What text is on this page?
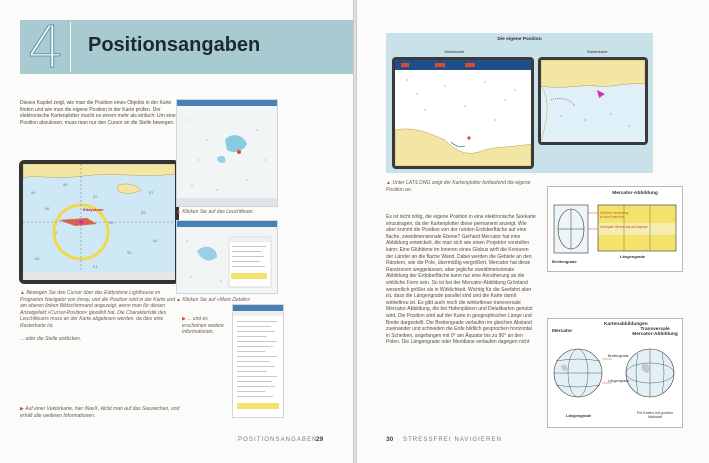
4	Positionsangaben
Dieses Kapitel zeigt, wie man die Position eines Objekts in der Karte finden und wie man die eigene Position in der Karte prüfen. Der elektronische Kartenplotter macht es einem mehr als einfach: Um eine Position abzulesen, muss man nur den Cursor an die Stelle bewegen.
54
56
59
58
52
64
66
61
55
62
57
60
Eddystone
▲ Bewegen Sie den Cursor über das Eddystone Lighthouse im Programm Navigator von Imray, und die Position wird in der Karte und am oberen linken Bildschirmrand angezeigt, wenn man für diesen Anzeigefeld »Cursor-Position« gewählt hat. Die Charakteristik des Leuchtfeuers muss an der Karte abgelesen werden, da dies eine Rasterkarte ist.
... oder die Stelle anklicken.
▶ Auf einer Vektorkarte, hier iNavX, klickt man auf das Seezeichen, und erhält alle weiteren Informationen.
▲ Klicken Sie auf das Leuchtfeuer.
▲ Klicken Sie auf »More Details«
▶ ... und es erscheinen weitere Informationen.
POSITIONSANGABEN
29
Die eigene Position
Vektorkarte	Rasterkarte
▲ Unter LAT/LONG zeigt der Kartenplotter fortlaufend die eigene Position an.
Es ist nicht nötig, die eigene Position in eine elektronische Seekarte einzutragen, da der Kartenplotter diese permanent anzeigt. Wie aber kommt die Position von der runden Erdoberfläche auf eine flache, zweidimensionale Ebene? Gerhard Mercator hat eine Abbildung entwickelt, die man sich wie einen Projektor vorstellen kann: Eine Glühbirne im Inneren eines Globus wirft die Konturen der Länder an die flache Wand. Dabei werden die Gebiete an den Rändern, wie die Pole, übermäßig vergrößert. Mercator hat diese Randzonen weggelassen, aber jegliche zweidimensionale Abbildung der Erdoberfläche kann nur eine Annäherung an die wirkliche Form sein. So ist bei der Mercator-Abbildung Grönland wesentlich größer als in Wirklichkeit. Wichtig für die Seefahrt aber ist, dass die Längengrade parallel sind und die Karte damit winkeltreu ist. Es gibt auch noch die winkeltreue transversale Mercator-Abbildung, die bei Hafenplänen und Detailkarten genutzt wird. Die Position wird auf der Karte in geographischer Länge und Breite dargestellt. Die Breitengrade verlaufen im gleichen Abstand zueinander und schneiden die Erde bildlich gesprochen horizontal in Scheiben, angefangen mit 0° am Äquator bis zu 90° an den Polen. Die Längengrade oder Meridiane verlaufen dagegen nicht
Mercator-Abbildung
Größere Verzerrung zu den Polen hin
Geringste Verzerrung am Äquator
Längengrade
Breitengrade
Kartenabbildungen
Mercator	Transversale Mercator-Abbildung
Breitengrade
Längengrade
Längengrade	Für Karten mit großem Maßstab
30 STRESSFREI NAVIGIEREN
